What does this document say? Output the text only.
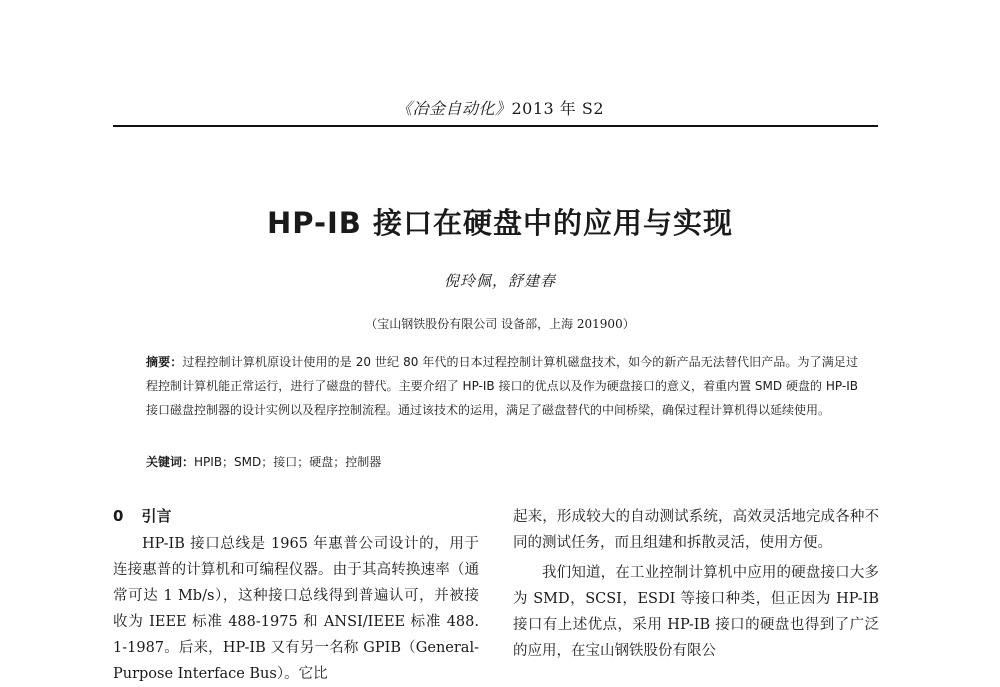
《冶金自动化》2013 年 S2
HP-IB 接口在硬盘中的应用与实现
倪玲佩，舒建春
（宝山钢铁股份有限公司 设备部，上海 201900）
摘要：过程控制计算机原设计使用的是 20 世纪 80 年代的日本过程控制计算机磁盘技术，如今的新产品无法替代旧产品。为了满足过程控制计算机能正常运行，进行了磁盘的替代。主要介绍了 HP-IB 接口的优点以及作为硬盘接口的意义，着重内置 SMD 硬盘的 HP-IB 接口磁盘控制器的设计实例以及程序控制流程。通过该技术的运用，满足了磁盘替代的中间桥梁，确保过程计算机得以延续使用。
关键词：HPIB；SMD；接口；硬盘；控制器
0 引言

HP-IB 接口总线是 1965 年惠普公司设计的，用于连接惠普的计算机和可编程仪器。由于其高转换速率（通常可达 1 Mb/s），这种接口总线得到普遍认可，并被接收为 IEEE 标准 488-1975 和 ANSI/IEEE 标准 488. 1-1987。后来，HP-IB 又有另一名称 GPIB（General-Purpose Interface Bus）。它比

起来，形成较大的自动测试系统，高效灵活地完成各种不同的测试任务，而且组建和拆散灵活，使用方便。

我们知道，在工业控制计算机中应用的硬盘接口大多为 SMD，SCSI，ESDI 等接口种类，但正因为 HP-IB 接口有上述优点，采用 HP-IB 接口的硬盘也得到了广泛的应用，在宝山钢铁股份有限公
